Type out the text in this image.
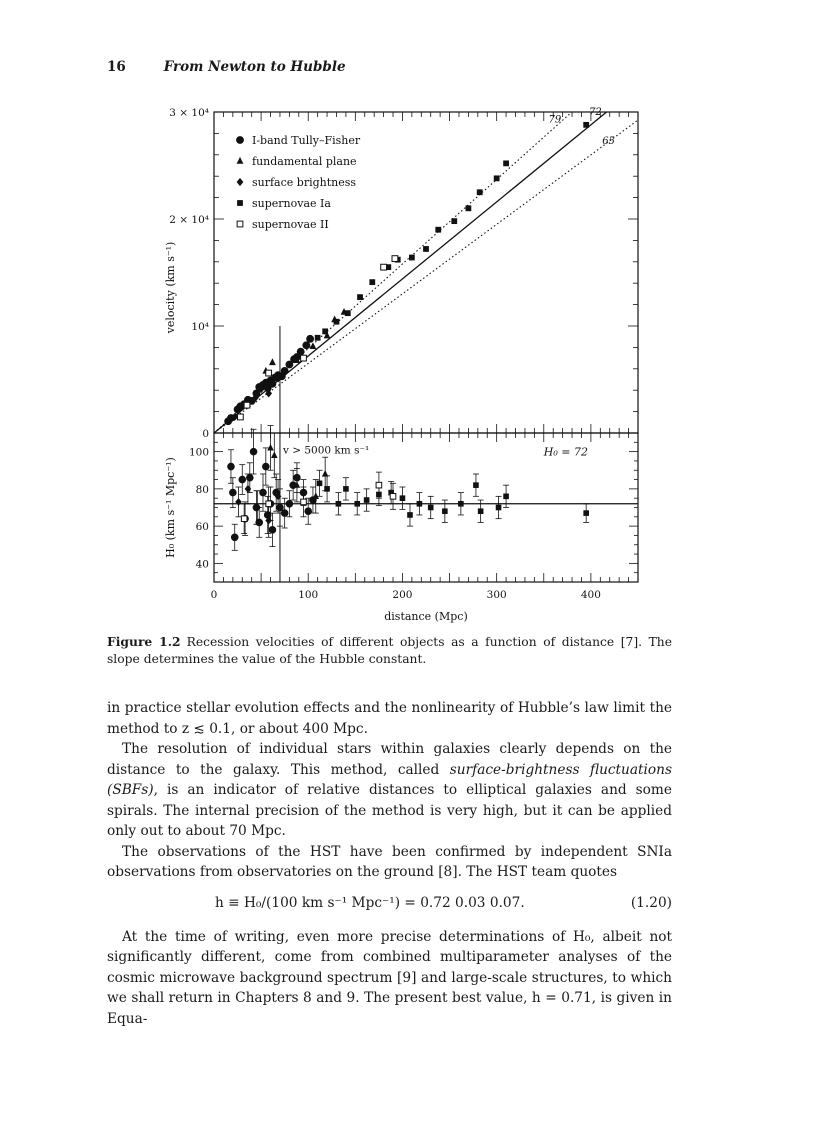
16	From Newton to Hubble
0
10⁴
2 × 10⁴
3 × 10⁴
40
60
80
100
0	100	200	300	400
distance (Mpc)
velocity (km s⁻¹)
H₀ (km s⁻¹ Mpc⁻¹)
79
72
65
I-band Tully–Fisher
fundamental plane
surface brightness
supernovae Ia
supernovae II
H₀ = 72
v > 5000 km s⁻¹
Figure 1.2 Recession velocities of different objects as a function of distance [7]. The slope determines the value of the Hubble constant.

in practice stellar evolution effects and the nonlinearity of Hubble’s law limit the method to z ≲ 0.1, or about 400 Mpc.

The resolution of individual stars within galaxies clearly depends on the distance to the galaxy. This method, called surface-brightness fluctuations (SBFs), is an indicator of relative distances to elliptical galaxies and some spirals. The internal precision of the method is very high, but it can be applied only out to about 70 Mpc.

The observations of the HST have been confirmed by independent SNIa observations from observatories on the ground [8]. The HST team quotes

h ≡ H₀/(100 km s⁻¹ Mpc⁻¹) = 0.72 0.03 0.07.	(1.20)

At the time of writing, even more precise determinations of H₀, albeit not significantly different, come from combined multiparameter analyses of the cosmic microwave background spectrum [9] and large-scale structures, to which we shall return in Chapters 8 and 9. The present best value, h = 0.71, is given in Equa-
